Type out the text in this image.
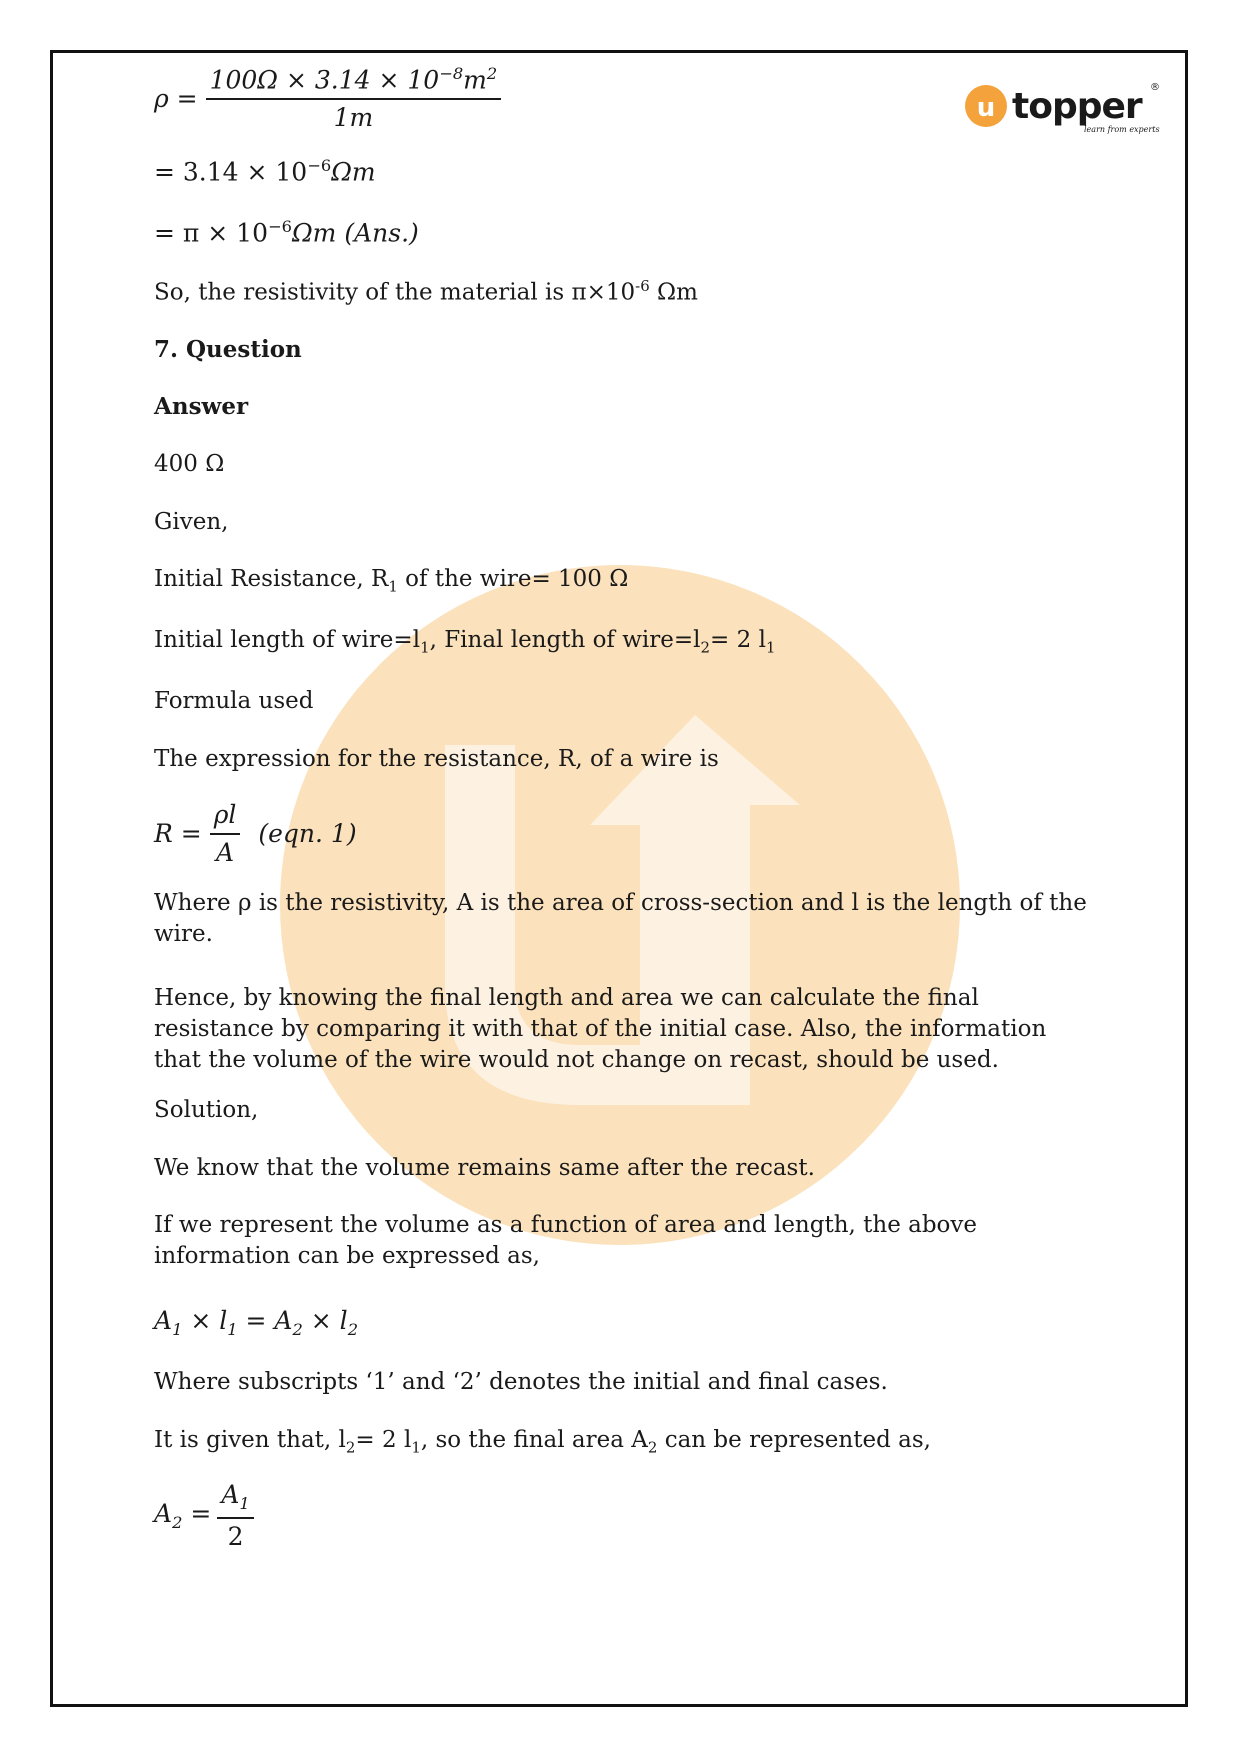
u topper ®
learn from experts
$\rho = \frac{100\Omega \times 3.14 \times 10^{-8}m^2}{1m}$
= $3.14 \times 10^{-6}\Omega m$
= $\pi \times 10^{-6}\Omega m$ (Ans.)
So, the resistivity of the material is $\pi\times 10^{-6}$ Ωm
7. Question
Answer
400 Ω
Given,
Initial Resistance, $R_1$ of the wire= 100 Ω
Initial length of $wire=l_1$, Final length of $wire=l_2= 2$ $l_1$
Formula used
The expression for the resistance, R, of a wire is
$R = \frac{\rho l}{A} (eqn$. 1)
Where ρ is the resistivity, A is the area of cross-section and l is the length of the wire.
Hence, by knowing the final length and area we can calculate the final resistance by comparing it with that of the initial case. Also, the information that the volume of the wire would not change on recast, should be used.
Solution,
We know that the volume remains same after the recast.
If we represent the volume as a function of area and length, the above information can be expressed as,
$A_1 \times l_1 = A_2 \times l_2$
Where subscripts ‘1’ and ‘2’ denotes the initial and final cases.
It is given that, $l_2= 2$ $l_1$, so the final area $A_2$ can be represented as,
$A_2 = \frac{A_1}{2}$
